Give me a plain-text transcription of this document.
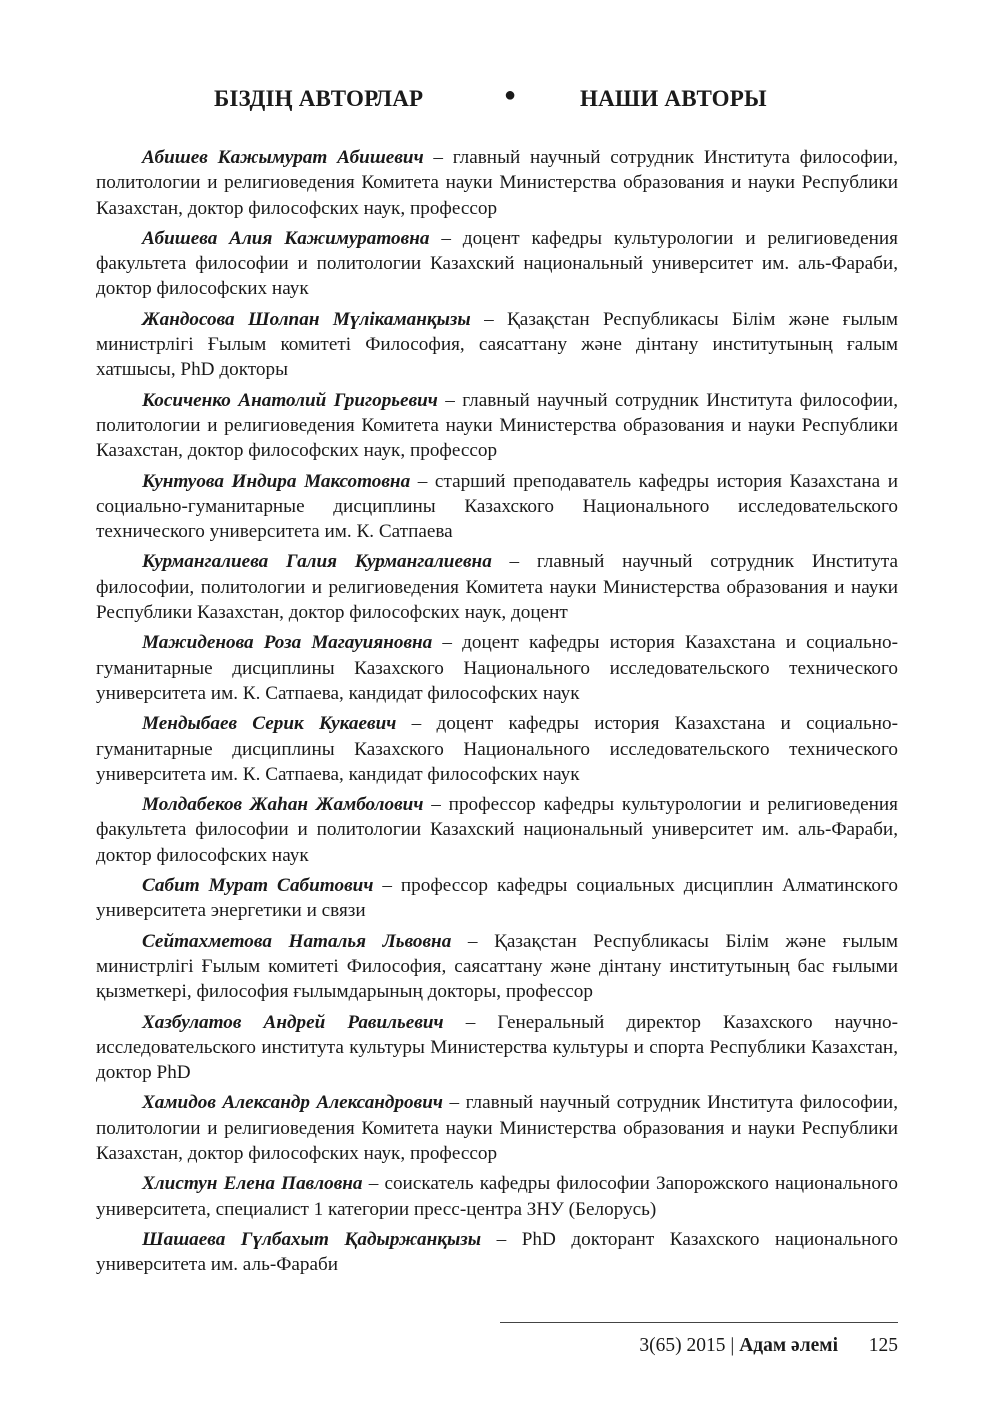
БІЗДІҢ АВТОРЛАР	●	НАШИ АВТОРЫ

Абишев Кажымурат Абишевич – главный научный сотрудник Института философии, политологии и религиоведения Комитета науки Министерства образования и науки Республики Казахстан, доктор философских наук, профессор

Абишева Алия Кажимуратовна – доцент кафедры культурологии и религиоведения факультета философии и политологии Казахский национальный университет им. аль-Фараби, доктор философских наук

Жандосова Шолпан Мүлікаманқызы – Қазақстан Республикасы Білім және ғылым министрлігі Ғылым комитеті Философия, саясаттану және дінтану институтының ғалым хатшысы, PhD докторы

Косиченко Анатолий Григорьевич – главный научный сотрудник Института философии, политологии и религиоведения Комитета науки Министерства образования и науки Республики Казахстан, доктор философских наук, профессор

Кунтуова Индира Максотовна – старший преподаватель кафедры история Казахстана и социально-гуманитарные дисциплины Казахского Национального исследовательского технического университета им. К. Сатпаева

Курмангалиева Галия Курмангалиевна – главный научный сотрудник Института философии, политологии и религиоведения Комитета науки Министерства образования и науки Республики Казахстан, доктор философских наук, доцент

Мажиденова Роза Магауияновна – доцент кафедры история Казахстана и социально-гуманитарные дисциплины Казахского Национального исследовательского технического университета им. К. Сатпаева, кандидат философских наук

Мендыбаев Серик Кукаевич – доцент кафедры история Казахстана и социально-гуманитарные дисциплины Казахского Национального исследовательского технического университета им. К. Сатпаева, кандидат философских наук

Молдабеков Жаһан Жамболович – профессор кафедры культурологии и религиоведения факультета философии и политологии Казахский национальный университет им. аль-Фараби, доктор философских наук

Сабит Мурат Сабитович – профессор кафедры социальных дисциплин Алматинского университета энергетики и связи

Сейтахметова Наталья Львовна – Қазақстан Республикасы Білім және ғылым министрлігі Ғылым комитеті Философия, саясаттану және дінтану институтының бас ғылыми қызметкері, философия ғылымдарының докторы, профессор

Хазбулатов Андрей Равильевич – Генеральный директор Казахского научно-исследовательского института культуры Министерства культуры и спорта Республики Казахстан, доктор PhD

Хамидов Александр Александрович – главный научный сотрудник Института философии, политологии и религиоведения Комитета науки Министерства образования и науки Республики Казахстан, доктор философских наук, профессор

Хлистун Елена Павловна – соискатель кафедры философии Запорожского национального университета, специалист 1 категории пресс-центра ЗНУ (Белорусь)

Шашаева Гүлбахыт Қадыржанқызы – PhD докторант Казахского национального университета им. аль-Фараби

3(65) 2015 | Адам әлемі 125
